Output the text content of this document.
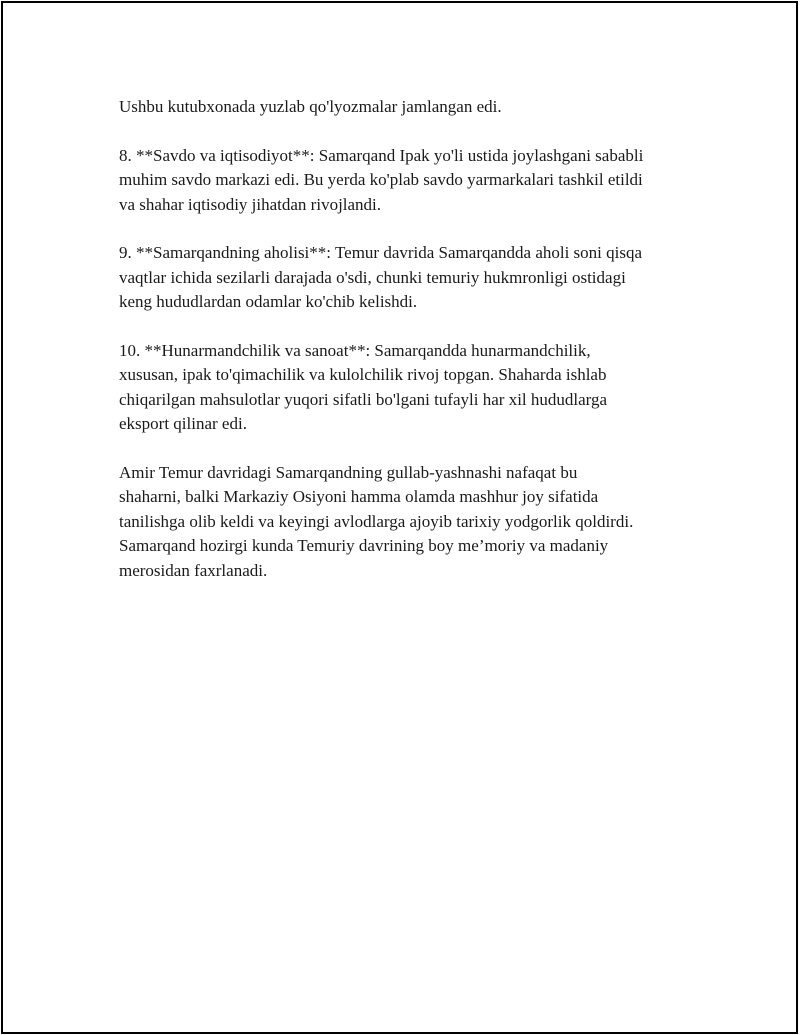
Ushbu kutubxonada yuzlab qo'lyozmalar jamlangan edi.

8. **Savdo va iqtisodiyot**: Samarqand Ipak yo'li ustida joylashgani sababli
muhim savdo markazi edi. Bu yerda ko'plab savdo yarmarkalari tashkil etildi
va shahar iqtisodiy jihatdan rivojlandi.

9. **Samarqandning aholisi**: Temur davrida Samarqandda aholi soni qisqa
vaqtlar ichida sezilarli darajada o'sdi, chunki temuriy hukmronligi ostidagi
keng hududlardan odamlar ko'chib kelishdi.

10. **Hunarmandchilik va sanoat**: Samarqandda hunarmandchilik,
xususan, ipak to'qimachilik va kulolchilik rivoj topgan. Shaharda ishlab
chiqarilgan mahsulotlar yuqori sifatli bo'lgani tufayli har xil hududlarga
eksport qilinar edi.

Amir Temur davridagi Samarqandning gullab-yashnashi nafaqat bu
shaharni, balki Markaziy Osiyoni hamma olamda mashhur joy sifatida
tanilishga olib keldi va keyingi avlodlarga ajoyib tarixiy yodgorlik qoldirdi.
Samarqand hozirgi kunda Temuriy davrining boy me’moriy va madaniy
merosidan faxrlanadi.
